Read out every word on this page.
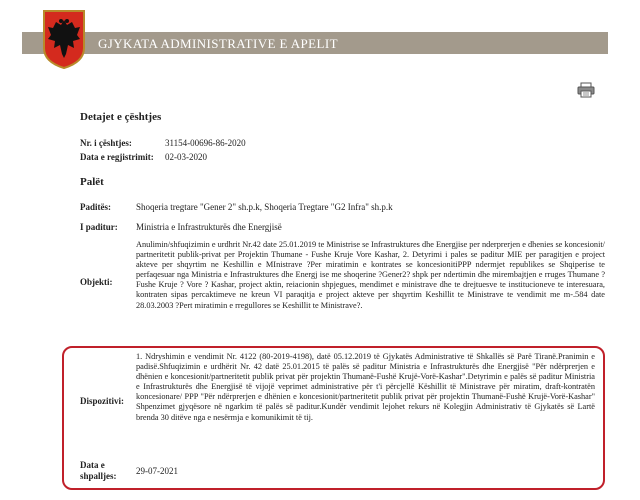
GJYKATA ADMINISTRATIVE E APELIT
Detajet e çështjes
Nr. i çështjes:	31154-00696-86-2020
Data e regjistrimit: 02-03-2020
Palët
Paditës:	Shoqeria tregtare "Gener 2" sh.p.k, Shoqeria Tregtare "G2 Infra" sh.p.k
I paditur: Ministria e Infrastrukturës dhe Energjisë
Objekti:

Anulimin/shfuqizimin e urdhrit Nr.42 date 25.01.2019 te Ministrise se Infrastruktures dhe Energjise per nderprerjen e dhenies se koncesionit/ partneritetit publik-privat per Projektin Thumane - Fushe Kruje Vore Kashar, 2. Detyrimi i pales se paditur MIE per paragitjen e project akteve per shqyrtim ne Keshillin e MInistrave ?Per miratimin e kontrates se koncesionitiPPP ndermjet republikes se Shqiperise te perfaqesuar nga Ministria e Infrastruktures dhe Energj ise me shoqerine ?Gener2? shpk per ndertimin dhe mirembajtjen e rruges Thumane ? Fushe Kruje ? Vore ? Kashar, project aktin, reiacionin shpjegues, mendimet e ministrave dhe te drejtuesve te institucioneve te interesuara, kontraten sipas percaktimeve ne kreun VI paraqitja e project akteve per shqyrtim Keshillit te Ministrave te vendimit me m-.584 date 28.03.2003 ?Pert miratimin e rregullores se Keshillit te Ministrave?.

Dispozitivi:

1. Ndryshimin e vendimit Nr. 4122 (80-2019-4198), datë 05.12.2019 të Gjykatës Administrative të Shkallës së Parë Tiranë.Pranimin e padisë.Shfuqizimin e urdhërit Nr. 42 datë 25.01.2015 të palës së paditur Ministria e Infrastrukturës dhe Energjisë "Për ndërprerjen e dhënien e koncesionit/partneritetit publik privat për projektin Thumanë-Fushë Krujë-Vorë-Kashar".Detyrimin e palës së paditur Ministria e Infrastrukturës dhe Energjisë të vijojë veprimet administrative për t'i përcjellë Këshillit të Ministrave për miratim, draft-kontratën koncesionare/ PPP "Për ndërprerjen e dhënien e koncesionit/partneritetit publik privat për projektin Thumanë-Fushë Krujë-Vorë-Kashar" Shpenzimet gjyqësore në ngarkim të palës së paditur.Kundër vendimit lejohet rekurs në Kolegjin Administrativ të Gjykatës së Lartë brenda 30 ditëve nga e nesërmja e komunikimit të tij.

Data e
shpalljes: 29-07-2021
